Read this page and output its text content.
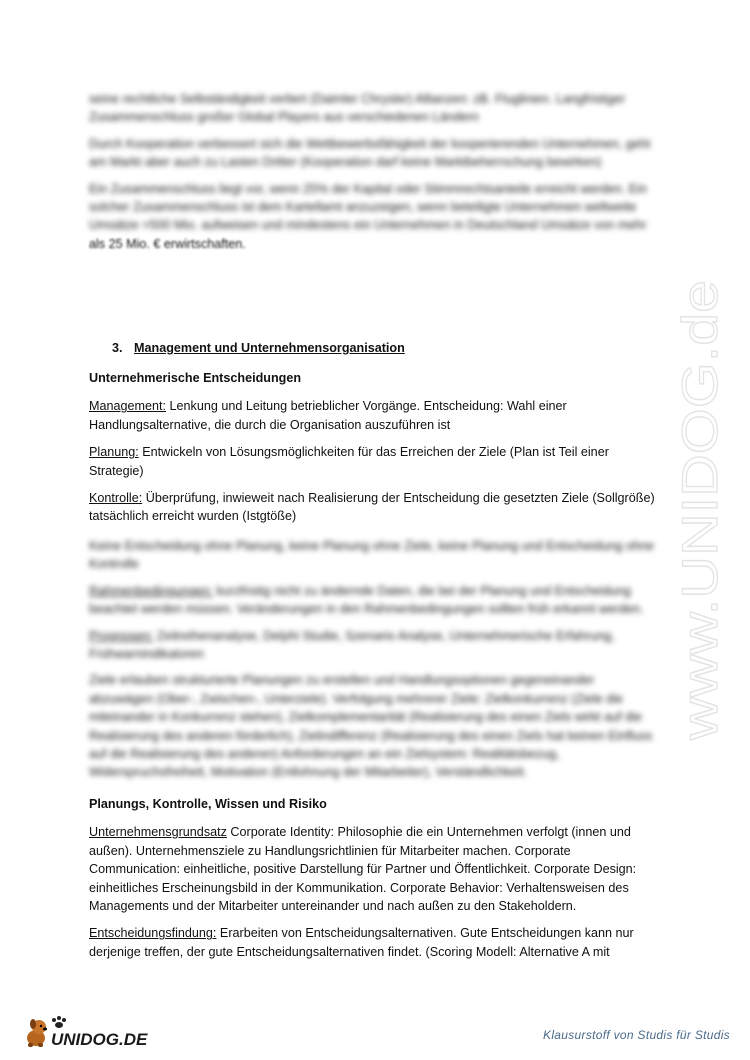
seine rechtliche Selbständigkeit verliert (Daimler Chrysler) Allianzen: zB. Fluglinien. Langfristiger Zusammenschluss großer Global Players aus verschiedenen Ländern

Durch Kooperation verbessert sich die Wettbewerbsfähigkeit der kooperierenden Unternehmen, geht am Markt aber auch zu Lasten Dritter (Kooperation darf keine Marktbeherrschung bewirken)

Ein Zusammenschluss liegt vor, wenn 25% der Kapital oder Stimmrechtsanteile erreicht werden. Ein solcher Zusammenschluss ist dem Kartellamt anzuzeigen, wenn beteiligte Unternehmen weltweite Umsätze >500 Mio. aufweisen und mindestens ein Unternehmen in Deutschland Umsätze von mehr

als 25 Mio. € erwirtschaften.

3. Management und Unternehmensorganisation

Unternehmerische Entscheidungen

Management: Lenkung und Leitung betrieblicher Vorgänge. Entscheidung: Wahl einer Handlungsalternative, die durch die Organisation auszuführen ist

Planung: Entwickeln von Lösungsmöglichkeiten für das Erreichen der Ziele (Plan ist Teil einer Strategie)

Kontrolle: Überprüfung, inwieweit nach Realisierung der Entscheidung die gesetzten Ziele (Sollgröße) tatsächlich erreicht wurden (Istgtöße)

Keine Entscheidung ohne Planung, keine Planung ohne Ziele, keine Planung und Entscheidung ohne Kontrolle

Rahmenbedingungen: kurzfristig nicht zu ändernde Daten, die bei der Planung und Entscheidung beachtet werden müssen. Veränderungen in den Rahmenbedingungen sollten früh erkannt werden.

Prognosen: Zeitreihenanalyse, Delphi Studie, Szenario Analyse, Unternehmerische Erfahrung, Frühwarnindikatoren

Ziele erlauben strukturierte Planungen zu erstellen und Handlungsoptionen gegeneinander abzuwägen (Ober-, Zwischen-, Unterziele). Verfolgung mehrerer Ziele: Zielkonkurrenz (Ziele die miteinander in Konkurrenz stehen), Zielkomplementarität (Realisierung des einen Ziels wirkt auf die Realisierung des anderen förderlich), Zielindifferenz (Realisierung des einen Ziels hat keinen Einfluss auf die Realisierung des anderen) Anforderungen an ein Zielsystem: Realitätsbezug, Widerspruchsfreiheit, Motivation (Entlohnung der Mitarbeiter), Verständlichkeit.

Planungs, Kontrolle, Wissen und Risiko

Unternehmensgrundsatz Corporate Identity: Philosophie die ein Unternehmen verfolgt (innen und außen). Unternehmensziele zu Handlungsrichtlinien für Mitarbeiter machen. Corporate Communication: einheitliche, positive Darstellung für Partner und Öffentlichkeit. Corporate Design: einheitliches Erscheinungsbild in der Kommunikation. Corporate Behavior: Verhaltensweisen des Managements und der Mitarbeiter untereinander und nach außen zu den Stakeholdern.

Entscheidungsfindung: Erarbeiten von Entscheidungsalternativen. Gute Entscheidungen kann nur derjenige treffen, der gute Entscheidungsalternativen findet. (Scoring Modell: Alternative A mit

www.UNIDOG.de
UNIDOG.DE	Klausurstoff von Studis für Studis
